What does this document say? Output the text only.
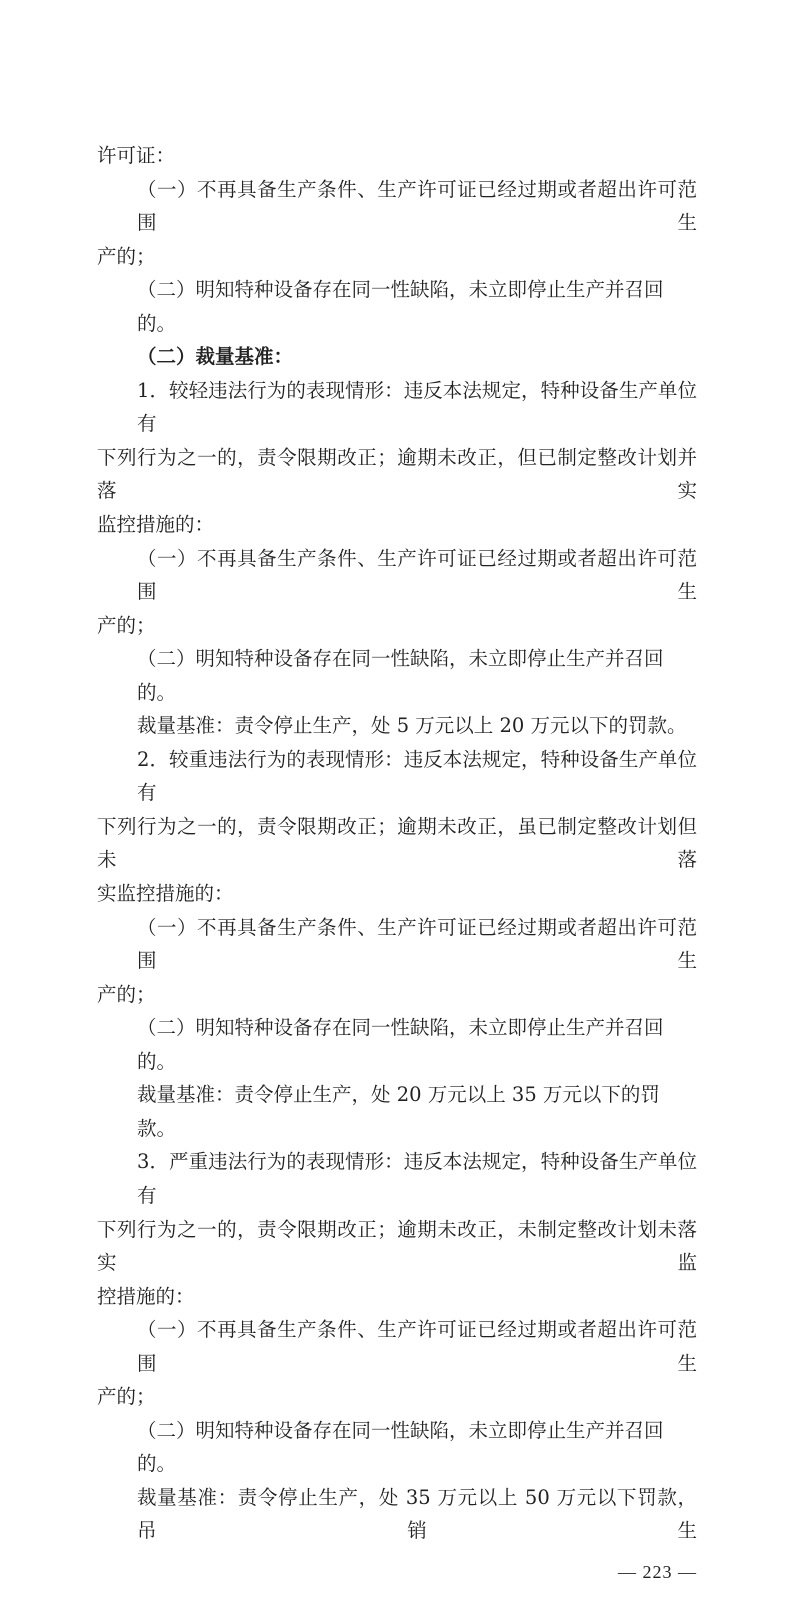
许可证：
（一）不再具备生产条件、生产许可证已经过期或者超出许可范围生
产的；
（二）明知特种设备存在同一性缺陷，未立即停止生产并召回的。
（二）裁量基准：
1．较轻违法行为的表现情形：违反本法规定，特种设备生产单位有
下列行为之一的，责令限期改正；逾期未改正，但已制定整改计划并落实
监控措施的：
（一）不再具备生产条件、生产许可证已经过期或者超出许可范围生
产的；
（二）明知特种设备存在同一性缺陷，未立即停止生产并召回的。
裁量基准：责令停止生产，处 5 万元以上 20 万元以下的罚款。
2．较重违法行为的表现情形：违反本法规定，特种设备生产单位有
下列行为之一的，责令限期改正；逾期未改正，虽已制定整改计划但未落
实监控措施的：
（一）不再具备生产条件、生产许可证已经过期或者超出许可范围生
产的；
（二）明知特种设备存在同一性缺陷，未立即停止生产并召回的。
裁量基准：责令停止生产，处 20 万元以上 35 万元以下的罚款。
3．严重违法行为的表现情形：违反本法规定，特种设备生产单位有
下列行为之一的，责令限期改正；逾期未改正，未制定整改计划未落实监
控措施的：
（一）不再具备生产条件、生产许可证已经过期或者超出许可范围生
产的；
（二）明知特种设备存在同一性缺陷，未立即停止生产并召回的。
裁量基准：责令停止生产，处 35 万元以上 50 万元以下罚款，吊销生
— 223 —
